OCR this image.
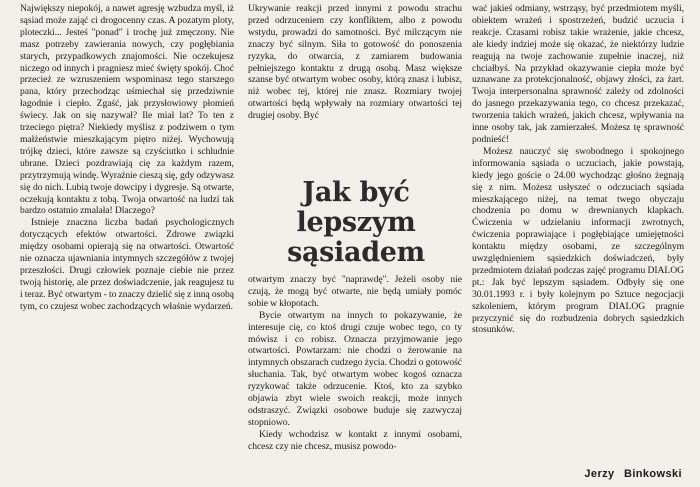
Największy niepokój, a nawet agresję wzbudza myśl, iż sąsiad może zająć ci drogocenny czas. A pozatym ploty, ploteczki... Jesteś "ponad" i trochę już zmęczony. Nie masz potrzeby zawierania nowych, czy pogłębiania starych, przypadkowych znajomości. Nie oczekujesz niczego od innych i pragniesz mieć święty spokój. Choć przecież ze wzruszeniem wspominasz tego starszego pana, który przechodząc uśmiechał się przedziwnie łagodnie i ciepło. Zgaść, jak przysłowiowy płomień świecy. Jak on się nazywał? Ile miał lat? To ten z trzeciego piętra? Niekiedy myślisz z podziwem o tym małżeństwie mieszkającym piętro niżej. Wychowują trójkę dzieci, które zawsze są czyściutko i schludnie ubrane. Dzieci pozdrawiają cię za każdym razem, przytrzymują windę. Wyraźnie cieszą się, gdy odzywasz się do nich. Lubią twoje dowcipy i dygresje. Są otwarte, oczekują kontaktu z tobą. Twoja otwartość na ludzi tak bardzo ostatnio zmalała! Dlaczego?

Istnieje znaczna liczba badań psychologicznych dotyczących efektów otwartości. Zdrowe związki między osobami opierają się na otwartości. Otwartość nie oznacza ujawniania intymnych szczegółów z twojej przeszłości. Drugi człowiek poznaje ciebie nie przez twoją historię, ale przez doświadczenie, jak reagujesz tu i teraz. Być otwartym - to znaczy dzielić się z inną osobą tym, co czujesz wobec zachodzących właśnie wydarzeń.

Ukrywanie reakcji przed innymi z powodu strachu przed odrzuceniem czy konfliktem, albo z powodu wstydu, prowadzi do samotności. Być milczącym nie znaczy być silnym. Siła to gotowość do ponoszenia ryzyka, do otwarcia, z zamiarem budowania pełniejszego kontaktu z drugą osobą. Masz większe szanse być otwartym wobec osoby, którą znasz i lubisz, niż wobec tej, której nie znasz. Rozmiary twojej otwartości będą wpływały na rozmiary otwartości tej drugiej osoby. Być

Jak być
lepszym sąsiadem

otwartym znaczy być "naprawdę". Jeżeli osoby nie czują, że mogą być otwarte, nie będą umiały pomóc sobie w kłopotach.

Bycie otwartym na innych to pokazywanie, że interesuje cię, co ktoś drugi czuje wobec tego, co ty mówisz i co robisz. Oznacza przyjmowanie jego otwartości. Powtarzam: nie chodzi o żerowanie na intymnych obszarach cudzego życia. Chodzi o gotowość słuchania. Tak, być otwartym wobec kogoś oznacza ryzykować także odrzucenie. Ktoś, kto za szybko objawia zbyt wiele swoich reakcji, może innych odstraszyć. Związki osobowe buduje się zazwyczaj stopniowo.

Kiedy wchodzisz w kontakt z innymi osobami, chcesz czy nie chcesz, musisz powodo-

wać jakieś odmiany, wstrząsy, być przedmiotem myśli, obiektem wrażeń i spostrzeżeń, budzić uczucia i reakcje. Czasami robisz takie wrażenie, jakie chcesz, ale kiedy indziej może się okazać, że niektórzy ludzie reagują na twoje zachowanie zupełnie inaczej, niż chciałbyś. Na przykład okazywanie ciepła może być uznawane za protekcjonalność, objawy złości, za żart. Twoja interpersonalna sprawność zależy od zdolności do jasnego przekazywania tego, co chcesz przekazać, tworzenia takich wrażeń, jakich chcesz, wpływania na inne osoby tak, jak zamierzałeś. Możesz tę sprawność podnieść!

Możesz nauczyć się swobodnego i spokojnego informowania sąsiada o uczuciach, jakie powstają, kiedy jego goście o 24.00 wychodząc głośno żegnają się z nim. Możesz usłyszeć o odczuciach sąsiada mieszkającego niżej, na temat twego obyczaju chodzenia po domu w drewnianych klapkach. Ćwiczenia w udzielaniu informacji zwrotnych, ćwiczenia poprawiające i pogłębiające umiejętności kontaktu między osobami, ze szczególnym uwzględnieniem sąsiedzkich doświadczeń, były przedmiotem działań podczas zajęć programu DIALOG pt.: Jak być lepszym sąsiadem. Odbyły się one 30.01.1993 r. i były kolejnym po Sztuce negocjacji szkoleniem, którym program DIALOG pragnie przyczynić się do rozbudzenia dobrych sąsiedzkich stosunków.

Jerzy Binkowski
